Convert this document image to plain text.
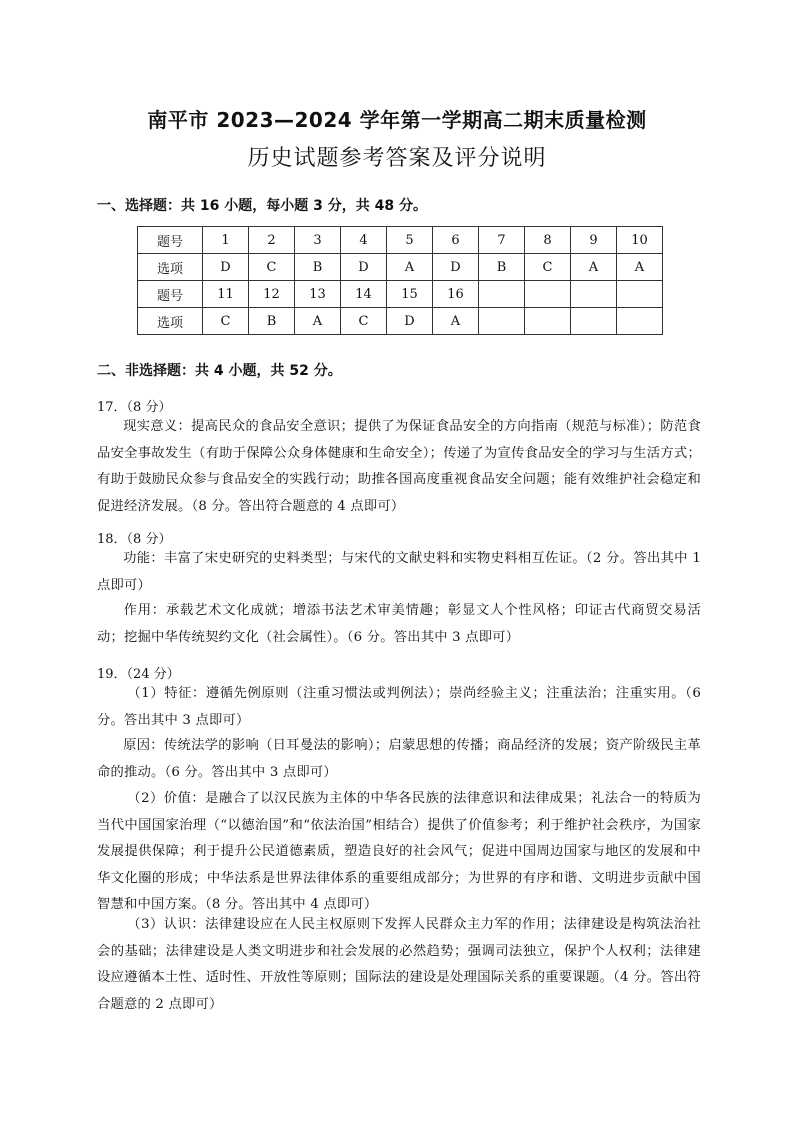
南平市 2023—2024 学年第一学期高二期末质量检测
历史试题参考答案及评分说明
一、选择题：共 16 小题，每小题 3 分，共 48 分。
题号	1	2	3	4	5	6	7	8	9	10
选项	D	C	B	D	A	D	B	C	A	A
题号	11	12	13	14	15	16				
选项	C	B	A	C	D	A				
二、非选择题：共 4 小题，共 52 分。
17．（8 分）
现实意义：提高民众的食品安全意识；提供了为保证食品安全的方向指南（规范与标准）；防范食品安全事故发生（有助于保障公众身体健康和生命安全）；传递了为宣传食品安全的学习与生活方式；有助于鼓励民众参与食品安全的实践行动；助推各国高度重视食品安全问题；能有效维护社会稳定和促进经济发展。（8 分。答出符合题意的 4 点即可）
18．（8 分）
功能：丰富了宋史研究的史料类型；与宋代的文献史料和实物史料相互佐证。（2 分。答出其中 1 点即可）
作用：承载艺术文化成就；增添书法艺术审美情趣；彰显文人个性风格；印证古代商贸交易活动；挖掘中华传统契约文化（社会属性）。（6 分。答出其中 3 点即可）
19．（24 分）
（1）特征：遵循先例原则（注重习惯法或判例法）；崇尚经验主义；注重法治；注重实用。（6 分。答出其中 3 点即可）
原因：传统法学的影响（日耳曼法的影响）；启蒙思想的传播；商品经济的发展；资产阶级民主革命的推动。（6 分。答出其中 3 点即可）
（2）价值：是融合了以汉民族为主体的中华各民族的法律意识和法律成果；礼法合一的特质为当代中国国家治理（“以德治国”和“依法治国”相结合）提供了价值参考；利于维护社会秩序，为国家发展提供保障；利于提升公民道德素质，塑造良好的社会风气；促进中国周边国家与地区的发展和中华文化圈的形成；中华法系是世界法律体系的重要组成部分；为世界的有序和谐、文明进步贡献中国智慧和中国方案。（8 分。答出其中 4 点即可）
（3）认识：法律建设应在人民主权原则下发挥人民群众主力军的作用；法律建设是构筑法治社会的基础；法律建设是人类文明进步和社会发展的必然趋势；强调司法独立，保护个人权利；法律建设应遵循本土性、适时性、开放性等原则；国际法的建设是处理国际关系的重要课题。（4 分。答出符合题意的 2 点即可）
